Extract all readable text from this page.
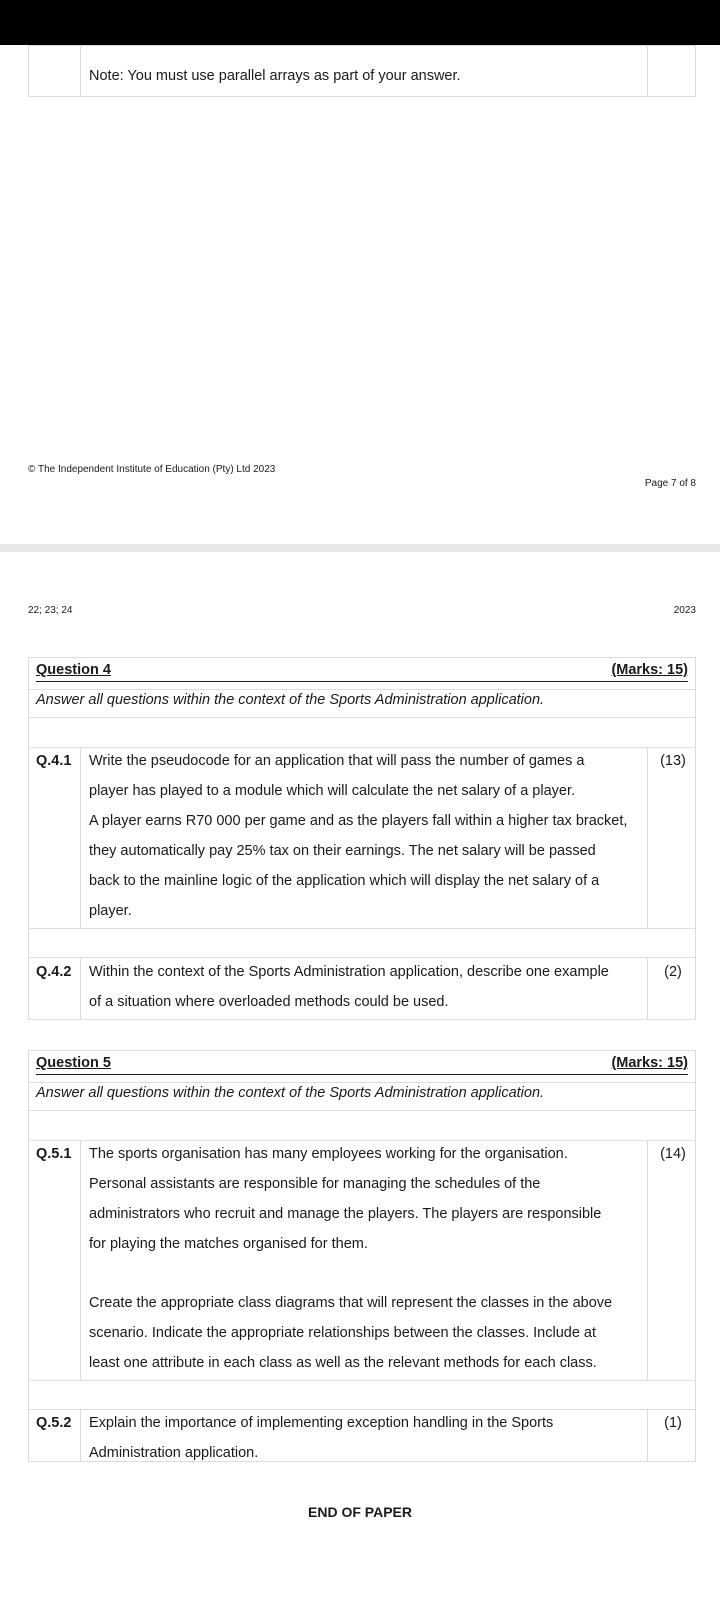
Note: You must use parallel arrays as part of your answer.
© The Independent Institute of Education (Pty) Ltd 2023
Page 7 of 8
22; 23; 24	2023
Question 4	(Marks: 15)
Answer all questions within the context of the Sports Administration application.
Q.4.1 Write the pseudocode for an application that will pass the number of games a
player has played to a module which will calculate the net salary of a player.
A player earns R70 000 per game and as the players fall within a higher tax bracket,
they automatically pay 25% tax on their earnings. The net salary will be passed
back to the mainline logic of the application which will display the net salary of a
player.
(13)
Q.4.2 Within the context of the Sports Administration application, describe one example
of a situation where overloaded methods could be used.
(2)
Question 5	(Marks: 15)
Answer all questions within the context of the Sports Administration application.
Q.5.1 The sports organisation has many employees working for the organisation.
Personal assistants are responsible for managing the schedules of the
administrators who recruit and manage the players. The players are responsible
for playing the matches organised for them.
Create the appropriate class diagrams that will represent the classes in the above
scenario. Indicate the appropriate relationships between the classes. Include at
least one attribute in each class as well as the relevant methods for each class.
(14)
Q.5.2 Explain the importance of implementing exception handling in the Sports
Administration application.
(1)
END OF PAPER
